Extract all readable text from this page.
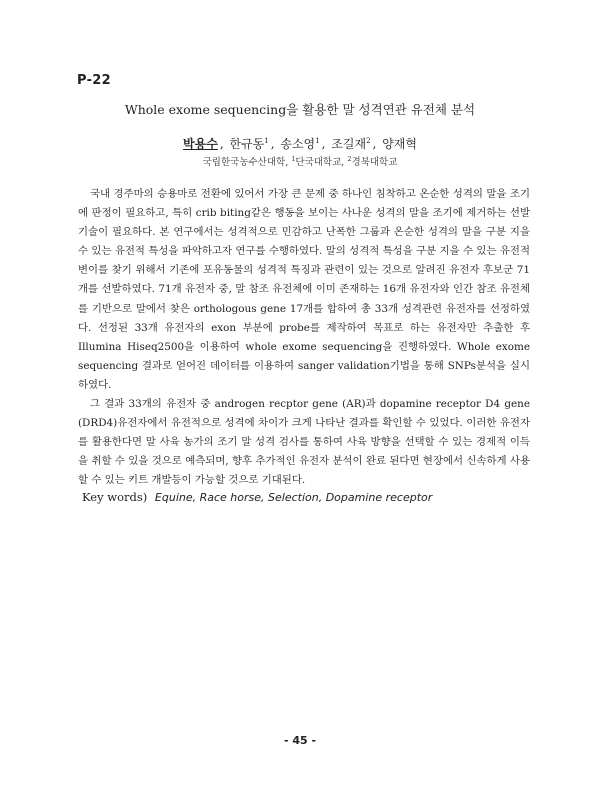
P-22
Whole exome sequencing을 활용한 말 성격연관 유전체 분석
박용수 , 한규동$^1$ , 송소영$^1$ , 조길재$^2$ , 양재혁
국립한국농수산대학, $^1$단국대학교, $^2$경북대학교

국내 경주마의 승용마로 전환에 있어서 가장 큰 문제 중 하나인 침착하고 온순한 성격의 말을 조기에 판정이 필요하고, 특히 crib biting같은 행동을 보이는 사나운 성격의 말을 조기에 제거하는 선발 기술이 필요하다. 본 연구에서는 성격적으로 민감하고 난폭한 그룹과 온순한 성격의 말을 구분 지을 수 있는 유전적 특성을 파악하고자 연구를 수행하였다. 말의 성격적 특성을 구분 지을 수 있는 유전적 변이를 찾기 위해서 기존에 포유동물의 성격적 특징과 관련이 있는 것으로 알려진 유전자 후보군 71개를 선발하였다. 71개 유전자 중, 말 참조 유전체에 이미 존재하는 16개 유전자와 인간 참조 유전체를 기반으로 말에서 찾은 orthologous gene 17개를 합하여 총 33개 성격관련 유전자를 선정하였다. 선정된 33개 유전자의 exon 부분에 probe를 제작하여 목표로 하는 유전자만 추출한 후 Illumina Hiseq2500을 이용하여 whole exome sequencing을 진행하였다. Whole exome sequencing 결과로 얻어진 데이터를 이용하여 sanger validation기법을 통해 SNPs분석을 실시하였다.

그 결과 33개의 유전자 중 androgen recptor gene (AR)과 dopamine receptor D4 gene (DRD4)유전자에서 유전적으로 성격에 차이가 크게 나타난 결과를 확인할 수 있었다. 이러한 유전자를 활용한다면 말 사육 농가의 조기 말 성격 검사를 통하여 사육 방향을 선택할 수 있는 경제적 이득을 취할 수 있을 것으로 예측되며, 향후 추가적인 유전자 분석이 완료 된다면 현장에서 신속하게 사용할 수 있는 키트 개발등이 가능할 것으로 기대된다.

Key words) Equine, Race horse, Selection, Dopamine receptor
- 45 -
